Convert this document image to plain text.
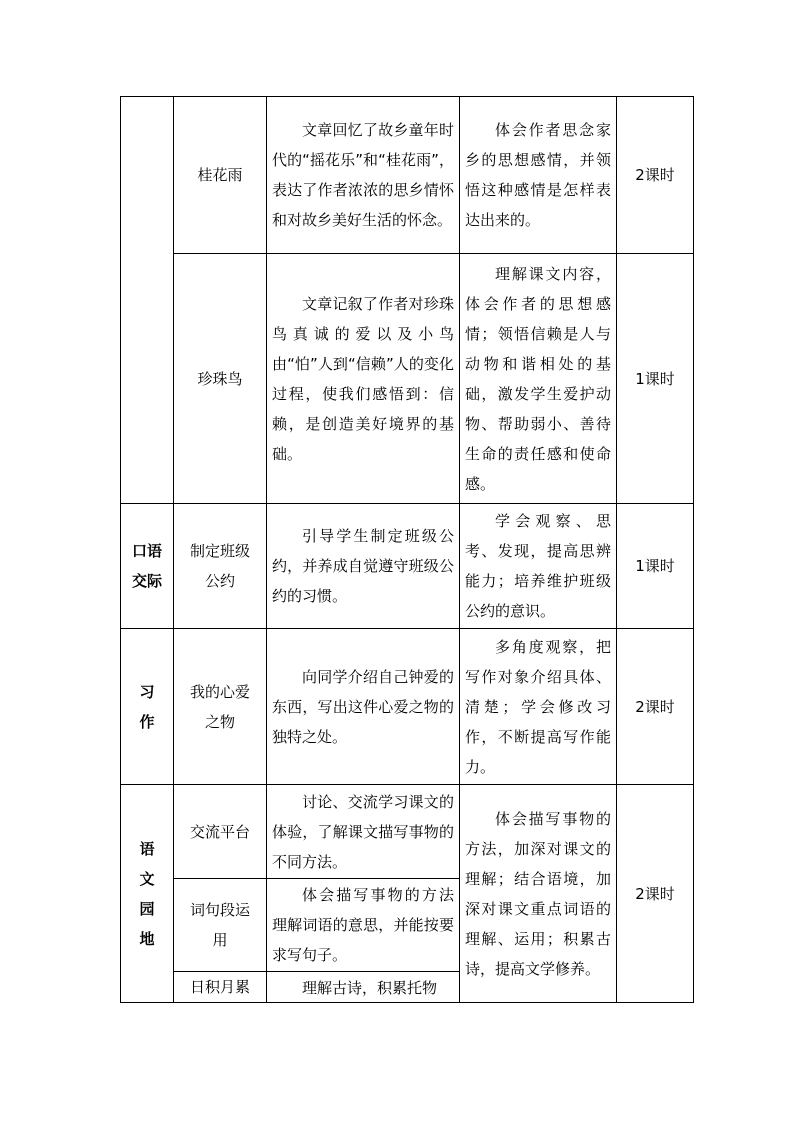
	桂花雨	文章回忆了故乡童年时代的“摇花乐”和“桂花雨”，表达了作者浓浓的思乡情怀和对故乡美好生活的怀念。	体会作者思念家乡的思想感情，并领悟这种感情是怎样表达出来的。	2课时
	珍珠鸟	文章记叙了作者对珍珠鸟真诚的爱以及小鸟由“怕”人到“信赖”人的变化过程，使我们感悟到：信赖，是创造美好境界的基础。	理解课文内容，体会作者的思想感情；领悟信赖是人与动物和谐相处的基础，激发学生爱护动物、帮助弱小、善待生命的责任感和使命感。	1课时
口语交际	制定班级公约	引导学生制定班级公约，并养成自觉遵守班级公约的习惯。	学会观察、思考、发现，提高思辨能力；培养维护班级公约的意识。	1课时
习作	我的心爱之物	向同学介绍自己钟爱的东西，写出这件心爱之物的独特之处。	多角度观察，把写作对象介绍具体、清楚；学会修改习作，不断提高写作能力。	2课时
语文园地	交流平台	讨论、交流学习课文的体验，了解课文描写事物的不同方法。	体会描写事物的方法，加深对课文的理解；结合语境，加深对课文重点词语的理解、运用；积累古诗，提高文学修养。	2课时
	词句段运用	体会描写事物的方法 理解词语的意思，并能按要求写句子。		

	日积月累	理解古诗，积累托物		
